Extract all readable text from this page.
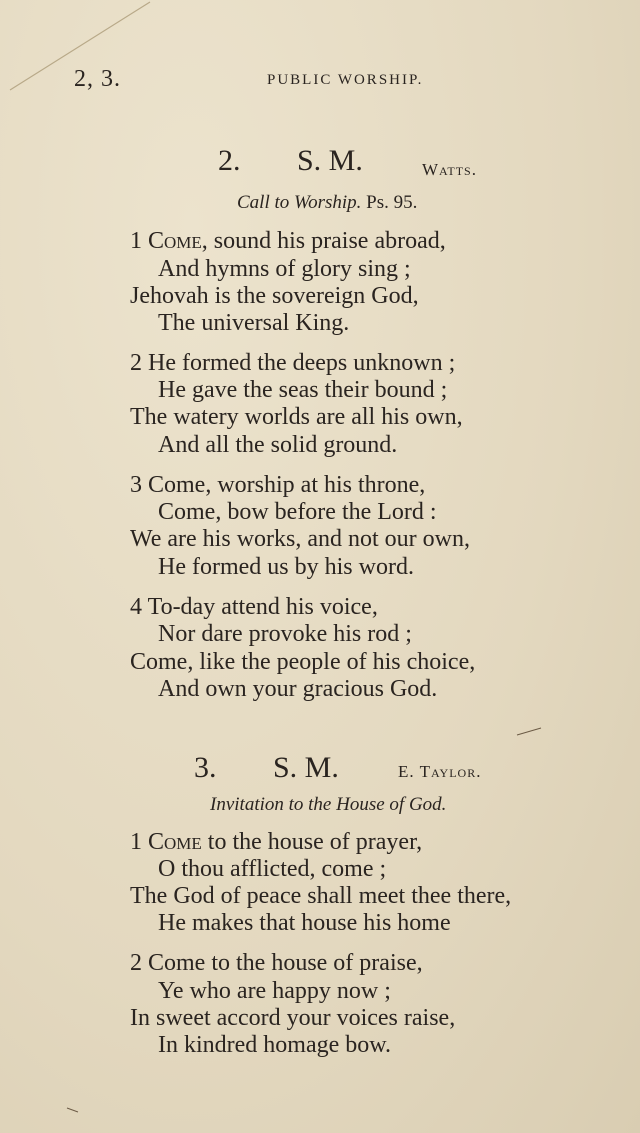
2, 3.	PUBLIC WORSHIP.
2. S. M.	Watts.
Call to Worship. Ps. 95.
1 Come, sound his praise abroad,
And hymns of glory sing ;
Jehovah is the sovereign God,
The universal King.
2 He formed the deeps unknown ;
He gave the seas their bound ;
The watery worlds are all his own,
And all the solid ground.
3 Come, worship at his throne,
Come, bow before the Lord :
We are his works, and not our own,
He formed us by his word.
4 To-day attend his voice,
Nor dare provoke his rod ;
Come, like the people of his choice,
And own your gracious God.
3. S. M.	E. Taylor.
Invitation to the House of God.
1 Come to the house of prayer,
O thou afflicted, come ;
The God of peace shall meet thee there,
He makes that house his home
2 Come to the house of praise,
Ye who are happy now ;
In sweet accord your voices raise,
In kindred homage bow.
